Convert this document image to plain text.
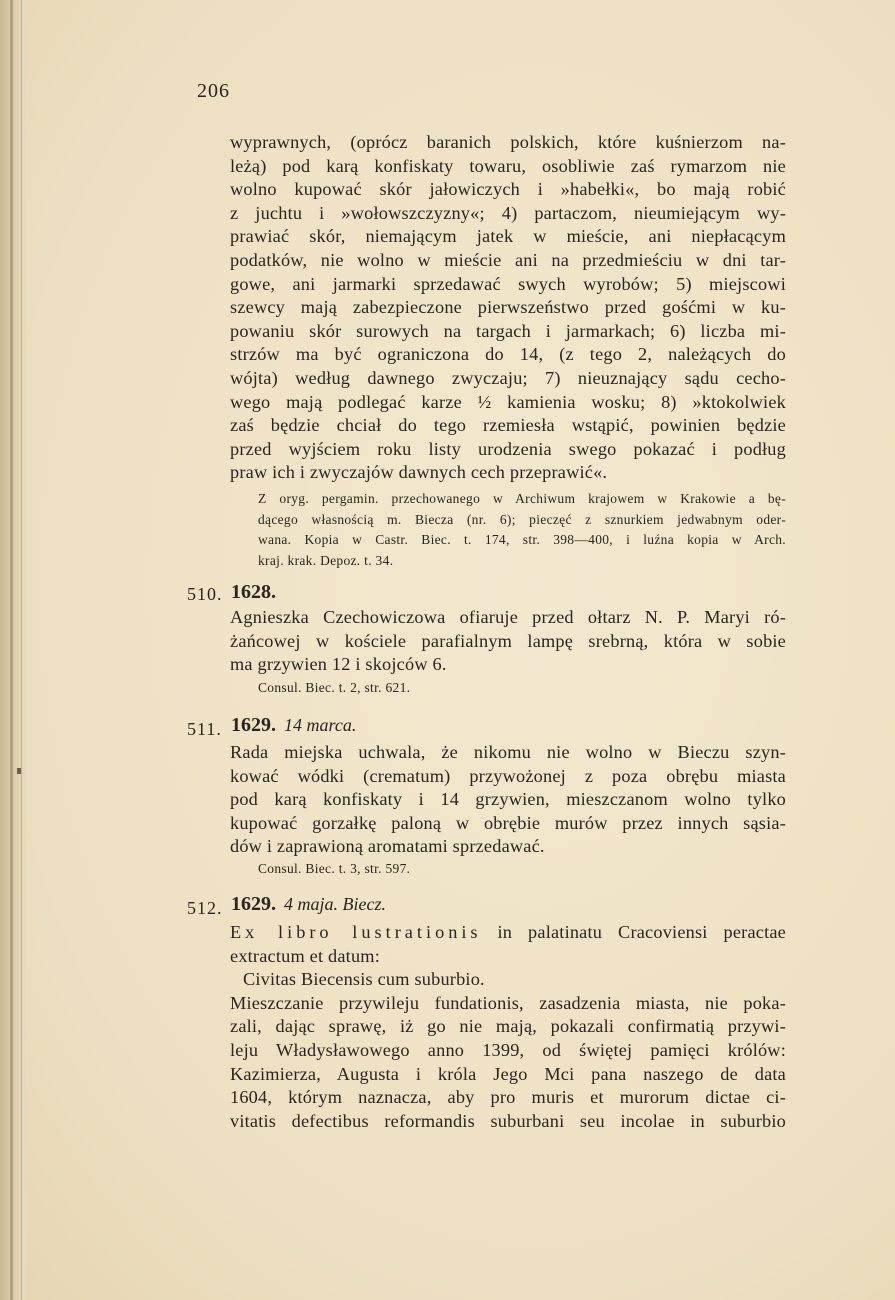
206
wyprawnych, (oprócz baranich polskich, które kuśnierzom na-
leżą) pod karą konfiskaty towaru, osobliwie zaś rymarzom nie
wolno kupować skór jałowiczych i »habełki«, bo mają robić
z juchtu i »wołowszczyzny«; 4) partaczom, nieumiejącym wy-
prawiać skór, niemającym jatek w mieście, ani niepłacącym
podatków, nie wolno w mieście ani na przedmieściu w dni tar-
gowe, ani jarmarki sprzedawać swych wyrobów; 5) miejscowi
szewcy mają zabezpieczone pierwszeństwo przed gośćmi w ku-
powaniu skór surowych na targach i jarmarkach; 6) liczba mi-
strzów ma być ograniczona do 14, (z tego 2, należących do
wójta) według dawnego zwyczaju; 7) nieuznający sądu cecho-
wego mają podlegać karze ½ kamienia wosku; 8) »ktokolwiek
zaś będzie chciał do tego rzemiesła wstąpić, powinien będzie
przed wyjściem roku listy urodzenia swego pokazać i podług
praw ich i zwyczajów dawnych cech przeprawić«.
Z oryg. pergamin. przechowanego w Archiwum krajowem w Krakowie a bę-
dącego własnością m. Biecza (nr. 6); pieczęć z sznurkiem jedwabnym oder-
wana. Kopia w Castr. Biec. t. 174, str. 398—400, i luźna kopia w Arch.
kraj. krak. Depoz. t. 34.
510. 1628.
Agnieszka Czechowiczowa ofiaruje przed ołtarz N. P. Maryi ró-
żańcowej w kościele parafialnym lampę srebrną, która w sobie
ma grzywien 12 i skojców 6.
Consul. Biec. t. 2, str. 621.
511. 1629. 14 marca.
Rada miejska uchwala, że nikomu nie wolno w Bieczu szyn-
kować wódki (crematum) przywożonej z poza obrębu miasta
pod karą konfiskaty i 14 grzywien, mieszczanom wolno tylko
kupować gorzałkę paloną w obrębie murów przez innych sąsia-
dów i zaprawioną aromatami sprzedawać.
Consul. Biec. t. 3, str. 597.
512. 1629. 4 maja. Biecz.
Ex libro lustrationis in palatinatu Cracoviensi peractae
extractum et datum:
Civitas Biecensis cum suburbio.
Mieszczanie przywileju fundationis, zasadzenia miasta, nie poka-
zali, dając sprawę, iż go nie mają, pokazali confirmatią przywi-
leju Władysławowego anno 1399, od świętej pamięci królów:
Kazimierza, Augusta i króla Jego Mci pana naszego de data
1604, którym naznacza, aby pro muris et murorum dictae ci-
vitatis defectibus reformandis suburbani seu incolae in suburbio
